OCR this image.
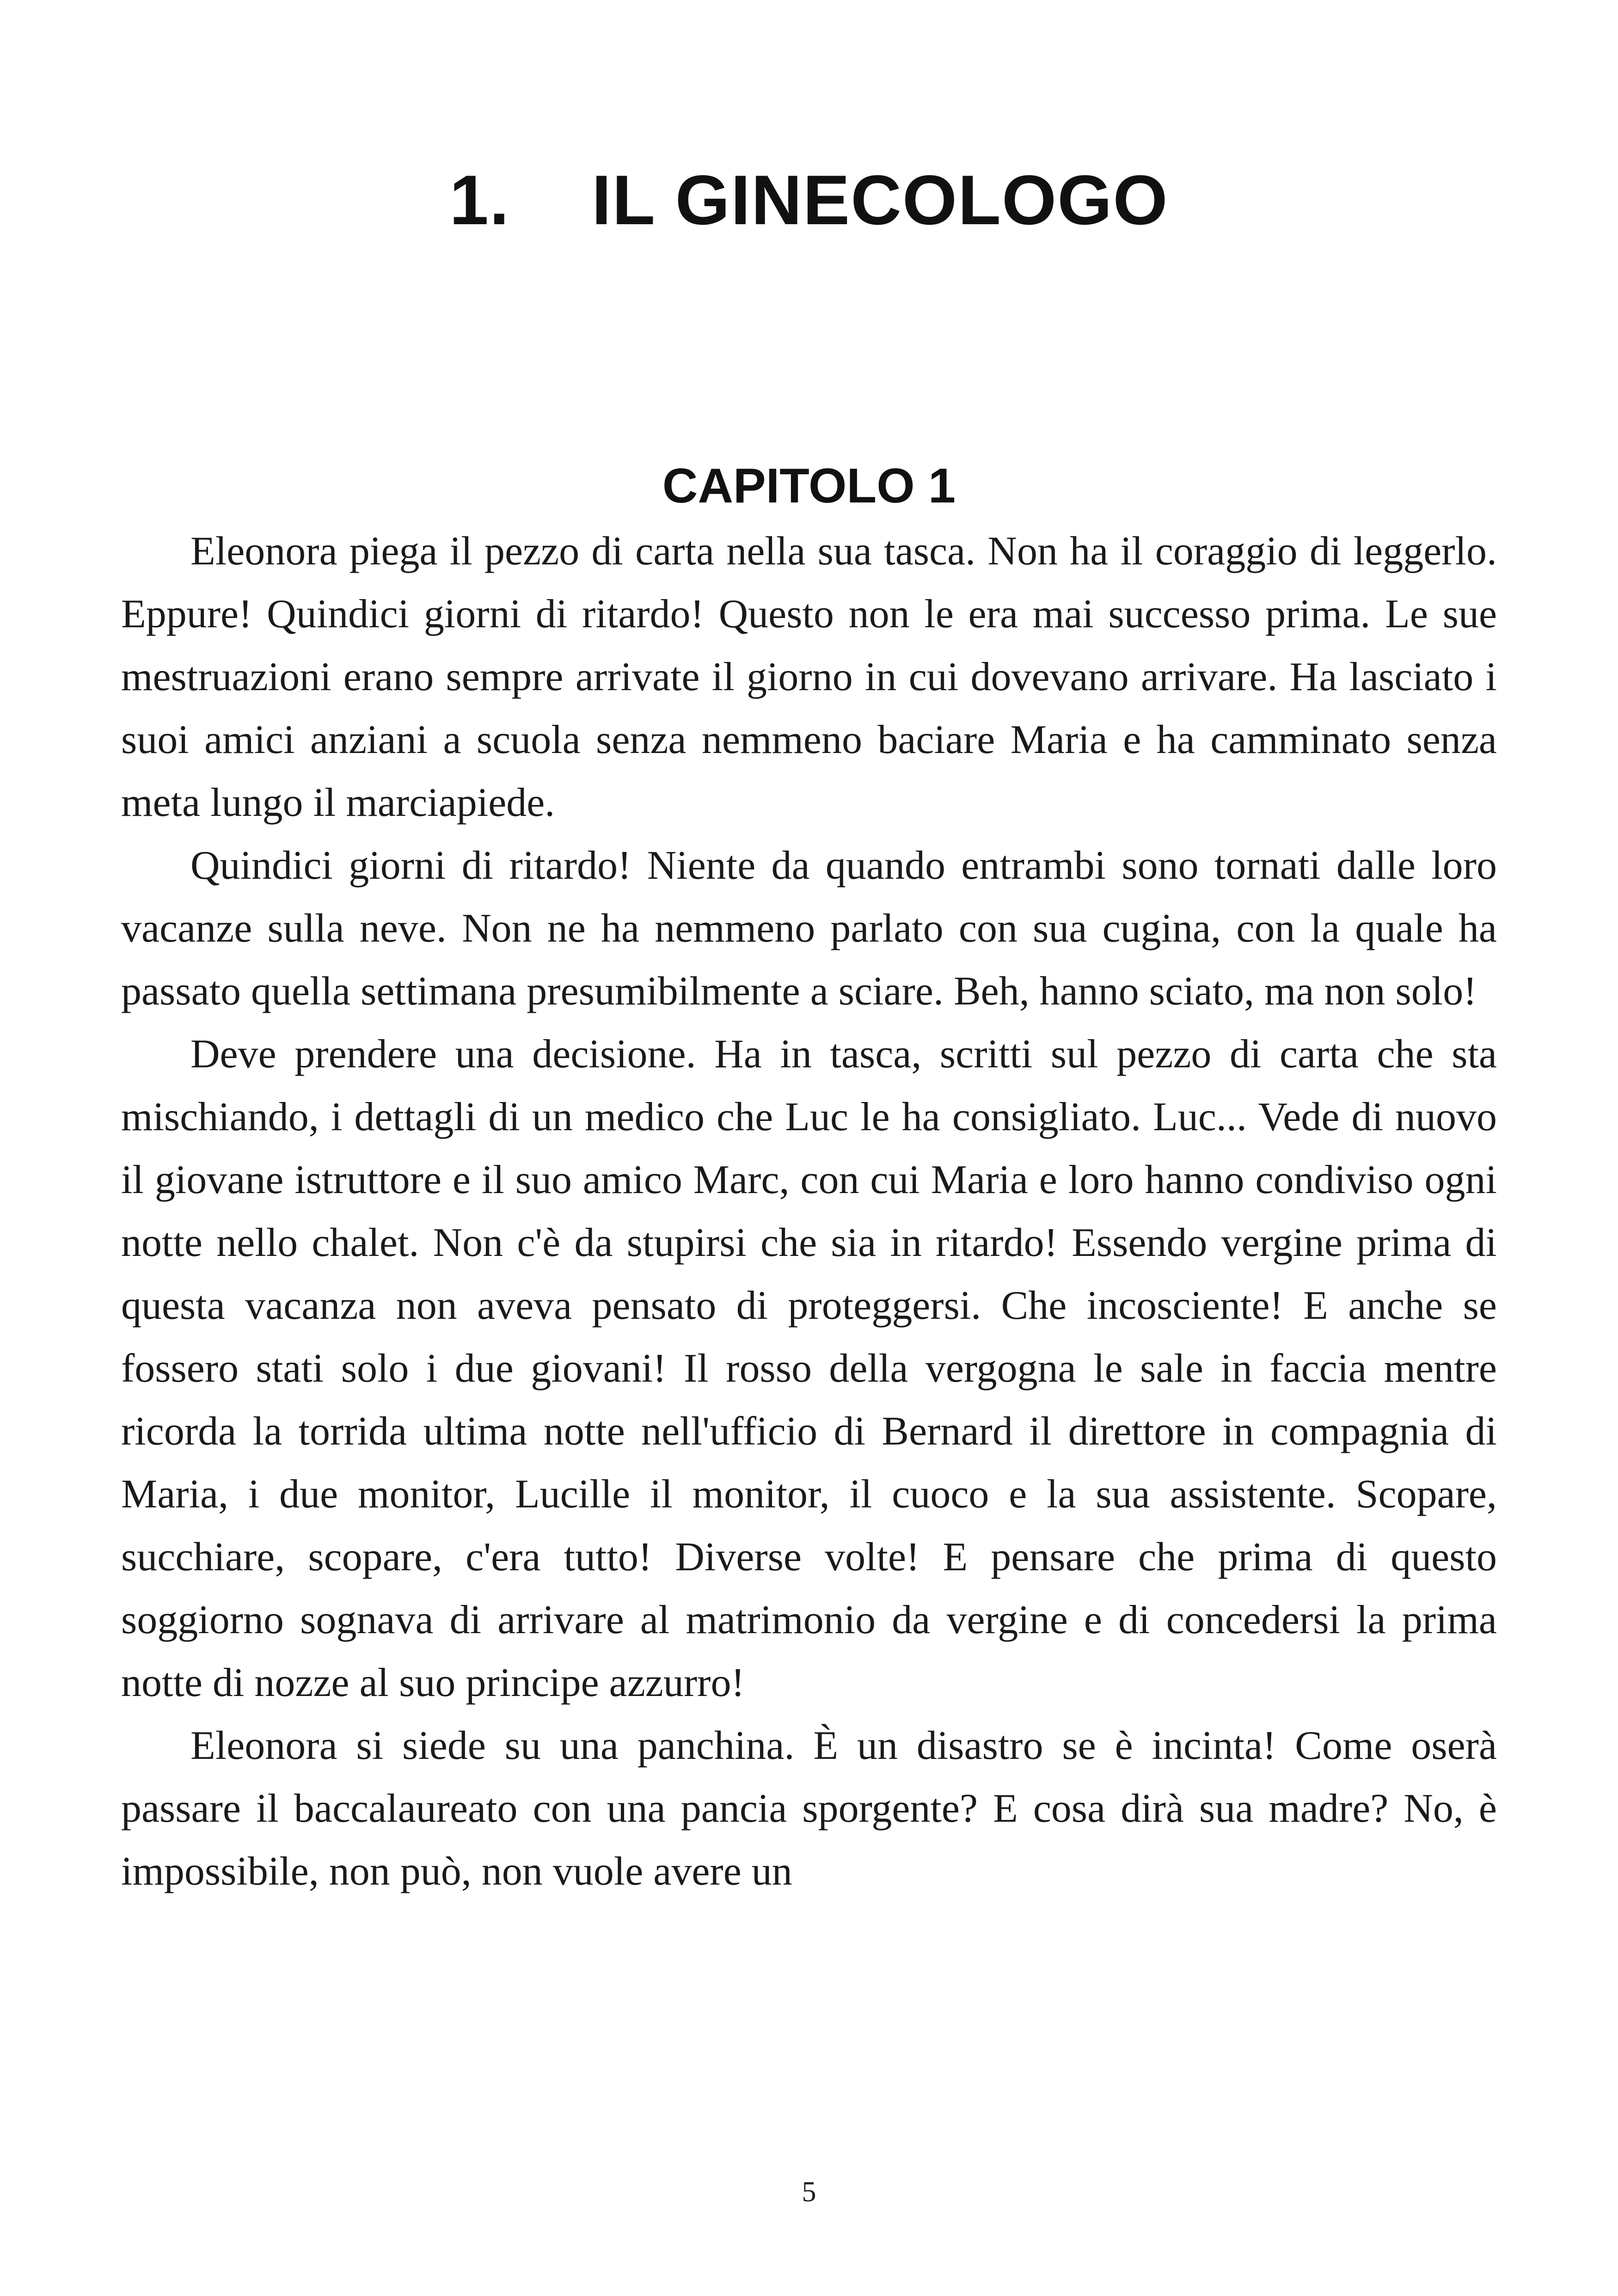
1.    IL GINECOLOGO
CAPITOLO 1

Eleonora piega il pezzo di carta nella sua tasca. Non ha il coraggio di leggerlo. Eppure! Quindici giorni di ritardo! Questo non le era mai successo prima. Le sue mestruazioni erano sempre arrivate il giorno in cui dovevano arrivare. Ha lasciato i suoi amici anziani a scuola senza nemmeno baciare Maria e ha camminato senza meta lungo il marciapiede.

Quindici giorni di ritardo! Niente da quando entrambi sono tornati dalle loro vacanze sulla neve. Non ne ha nemmeno parlato con sua cugina, con la quale ha passato quella settimana presumibilmente a sciare. Beh, hanno sciato, ma non solo!

Deve prendere una decisione. Ha in tasca, scritti sul pezzo di carta che sta mischiando, i dettagli di un medico che Luc le ha consigliato. Luc... Vede di nuovo il giovane istruttore e il suo amico Marc, con cui Maria e loro hanno condiviso ogni notte nello chalet. Non c'è da stupirsi che sia in ritardo! Essendo vergine prima di questa vacanza non aveva pensato di proteggersi. Che incosciente! E anche se fossero stati solo i due giovani! Il rosso della vergogna le sale in faccia mentre ricorda la torrida ultima notte nell'ufficio di Bernard il direttore in compagnia di Maria, i due monitor, Lucille il monitor, il cuoco e la sua assistente. Scopare, succhiare, scopare, c'era tutto! Diverse volte! E pensare che prima di questo soggiorno sognava di arrivare al matrimonio da vergine e di concedersi la prima notte di nozze al suo principe azzurro!

Eleonora si siede su una panchina. È un disastro se è incinta! Come oserà passare il baccalaureato con una pancia sporgente? E cosa dirà sua madre? No, è impossibile, non può, non vuole avere un

5
